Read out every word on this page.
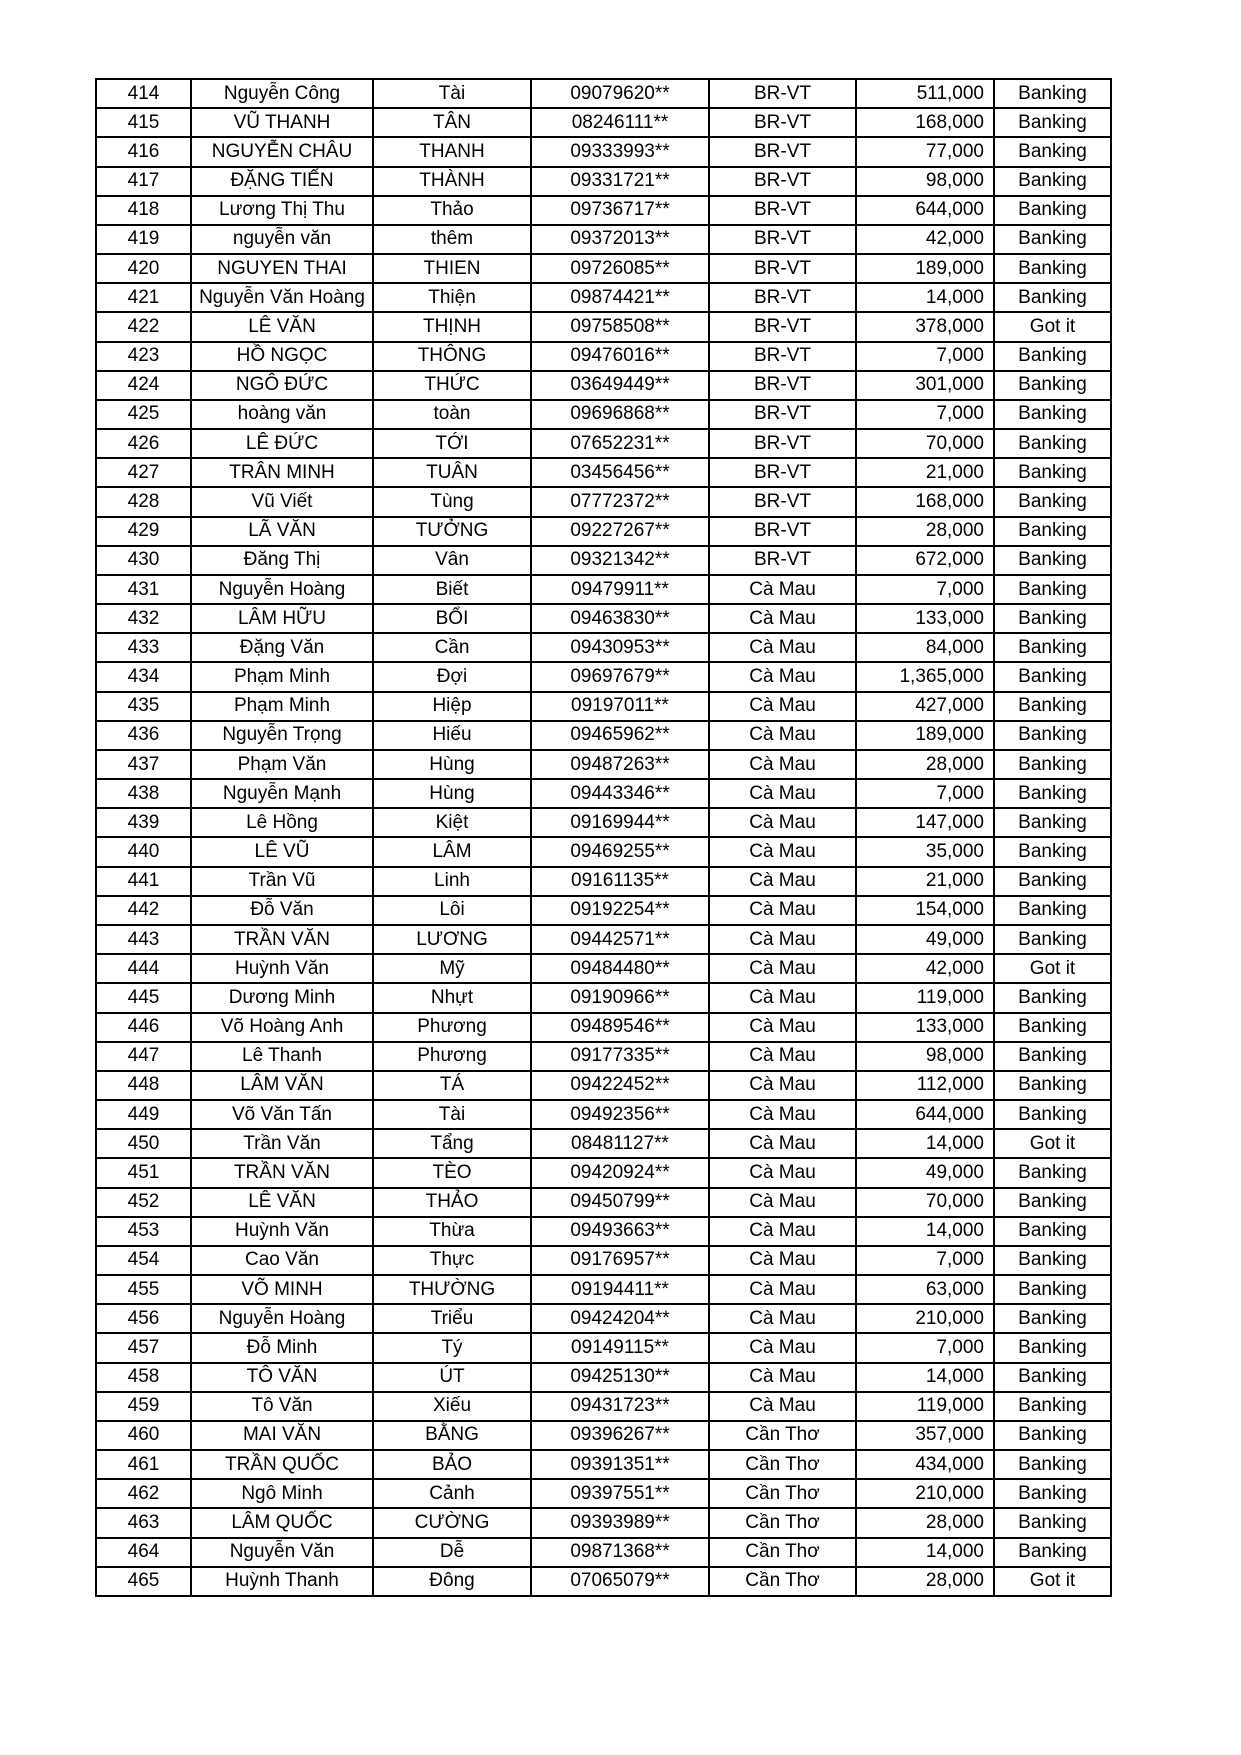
414	Nguyễn Công	Tài	09079620**	BR-VT	511,000	Banking
415	VŨ THANH	TÂN	08246111**	BR-VT	168,000	Banking
416	NGUYỄN CHÂU	THANH	09333993**	BR-VT	77,000	Banking
417	ĐẶNG TIẾN	THÀNH	09331721**	BR-VT	98,000	Banking
418	Lương Thị Thu	Thảo	09736717**	BR-VT	644,000	Banking
419	nguyễn văn	thêm	09372013**	BR-VT	42,000	Banking
420	NGUYEN THAI	THIEN	09726085**	BR-VT	189,000	Banking
421	Nguyễn Văn Hoàng	Thiện	09874421**	BR-VT	14,000	Banking
422	LÊ VĂN	THỊNH	09758508**	BR-VT	378,000	Got it
423	HỒ NGỌC	THÔNG	09476016**	BR-VT	7,000	Banking
424	NGÔ ĐỨC	THỨC	03649449**	BR-VT	301,000	Banking
425	hoàng văn	toàn	09696868**	BR-VT	7,000	Banking
426	LÊ ĐỨC	TỚI	07652231**	BR-VT	70,000	Banking
427	TRÂN MINH	TUÂN	03456456**	BR-VT	21,000	Banking
428	Vũ Viết	Tùng	07772372**	BR-VT	168,000	Banking
429	LÃ VĂN	TƯỞNG	09227267**	BR-VT	28,000	Banking
430	Đăng Thị	Vân	09321342**	BR-VT	672,000	Banking
431	Nguyễn Hoàng	Biết	09479911**	Cà Mau	7,000	Banking
432	LÂM HỮU	BỔI	09463830**	Cà Mau	133,000	Banking
433	Đặng Văn	Cần	09430953**	Cà Mau	84,000	Banking
434	Phạm Minh	Đợi	09697679**	Cà Mau	1,365,000	Banking
435	Phạm Minh	Hiệp	09197011**	Cà Mau	427,000	Banking
436	Nguyễn Trọng	Hiếu	09465962**	Cà Mau	189,000	Banking
437	Phạm Văn	Hùng	09487263**	Cà Mau	28,000	Banking
438	Nguyễn Mạnh	Hùng	09443346**	Cà Mau	7,000	Banking
439	Lê Hồng	Kiệt	09169944**	Cà Mau	147,000	Banking
440	LÊ VŨ	LÂM	09469255**	Cà Mau	35,000	Banking
441	Trần Vũ	Linh	09161135**	Cà Mau	21,000	Banking
442	Đỗ Văn	Lôi	09192254**	Cà Mau	154,000	Banking
443	TRẦN VĂN	LƯƠNG	09442571**	Cà Mau	49,000	Banking
444	Huỳnh Văn	Mỹ	09484480**	Cà Mau	42,000	Got it
445	Dương Minh	Nhựt	09190966**	Cà Mau	119,000	Banking
446	Võ Hoàng Anh	Phương	09489546**	Cà Mau	133,000	Banking
447	Lê Thanh	Phương	09177335**	Cà Mau	98,000	Banking
448	LÂM VĂN	TÁ	09422452**	Cà Mau	112,000	Banking
449	Võ Văn Tấn	Tài	09492356**	Cà Mau	644,000	Banking
450	Trần Văn	Tẩng	08481127**	Cà Mau	14,000	Got it
451	TRẦN VĂN	TÈO	09420924**	Cà Mau	49,000	Banking
452	LÊ VĂN	THẢO	09450799**	Cà Mau	70,000	Banking
453	Huỳnh Văn	Thừa	09493663**	Cà Mau	14,000	Banking
454	Cao Văn	Thực	09176957**	Cà Mau	7,000	Banking
455	VÕ MINH	THƯỜNG	09194411**	Cà Mau	63,000	Banking
456	Nguyễn Hoàng	Triểu	09424204**	Cà Mau	210,000	Banking
457	Đỗ Minh	Tý	09149115**	Cà Mau	7,000	Banking
458	TÔ VĂN	ÚT	09425130**	Cà Mau	14,000	Banking
459	Tô Văn	Xiếu	09431723**	Cà Mau	119,000	Banking
460	MAI VĂN	BẰNG	09396267**	Cần Thơ	357,000	Banking
461	TRẦN QUỐC	BẢO	09391351**	Cần Thơ	434,000	Banking
462	Ngô Minh	Cảnh	09397551**	Cần Thơ	210,000	Banking
463	LÂM QUỐC	CƯỜNG	09393989**	Cần Thơ	28,000	Banking
464	Nguyễn Văn	Dễ	09871368**	Cần Thơ	14,000	Banking
465	Huỳnh Thanh	Đông	07065079**	Cần Thơ	28,000	Got it
